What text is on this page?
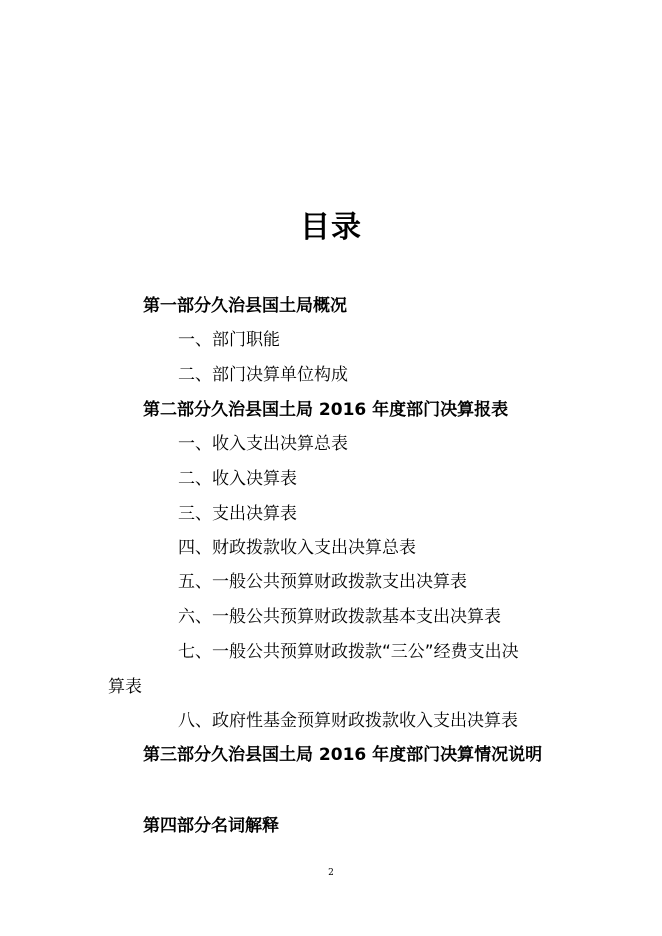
目录
第一部分久治县国土局概况
一、部门职能
二、部门决算单位构成
第二部分久治县国土局 2016 年度部门决算报表
一、收入支出决算总表
二、收入决算表
三、支出决算表
四、财政拨款收入支出决算总表
五、一般公共预算财政拨款支出决算表
六、一般公共预算财政拨款基本支出决算表
七、一般公共预算财政拨款“三公”经费支出决
算表
八、政府性基金预算财政拨款收入支出决算表
第三部分久治县国土局 2016 年度部门决算情况说明
第四部分名词解释
2
